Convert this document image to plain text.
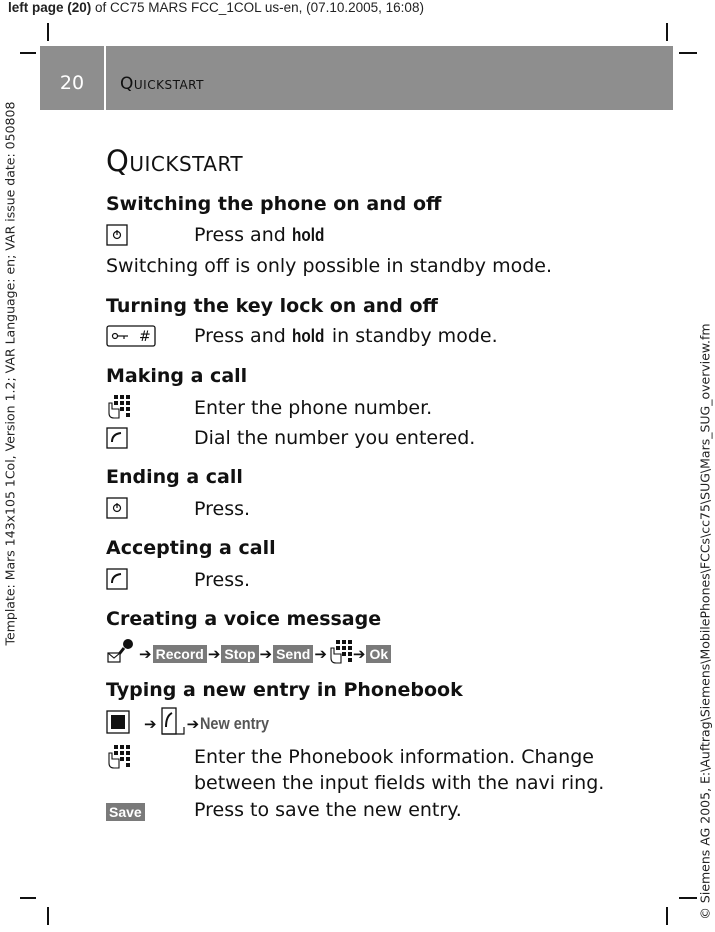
left page (20) of CC75 MARS FCC_1COL us-en, (07.10.2005, 16:08)
Template: Mars 143x105 1Col, Version 1.2; VAR Language: en; VAR issue date: 050808	© Siemens AG 2005, E:\Auftrag\Siemens\MobilePhones\FCCs\cc75\SUG\Mars_SUG_overview.fm
20	Quickstart
Quickstart
Switching the phone on and off
Press and hold
Switching off is only possible in standby mode.
Turning the key lock on and off
# Press and hold in standby mode.
Making a call
Enter the phone number.
Dial the number you entered.
Ending a call
Press.
Accepting a call
Press.
Creating a voice message
➔ Record ➔ Stop ➔ Send ➔ ➔ Ok
Typing a new entry in Phonebook
➔ ➔ New entry
Enter the Phonebook information. Change
between the input fields with the navi ring.
Save	Press to save the new entry.
